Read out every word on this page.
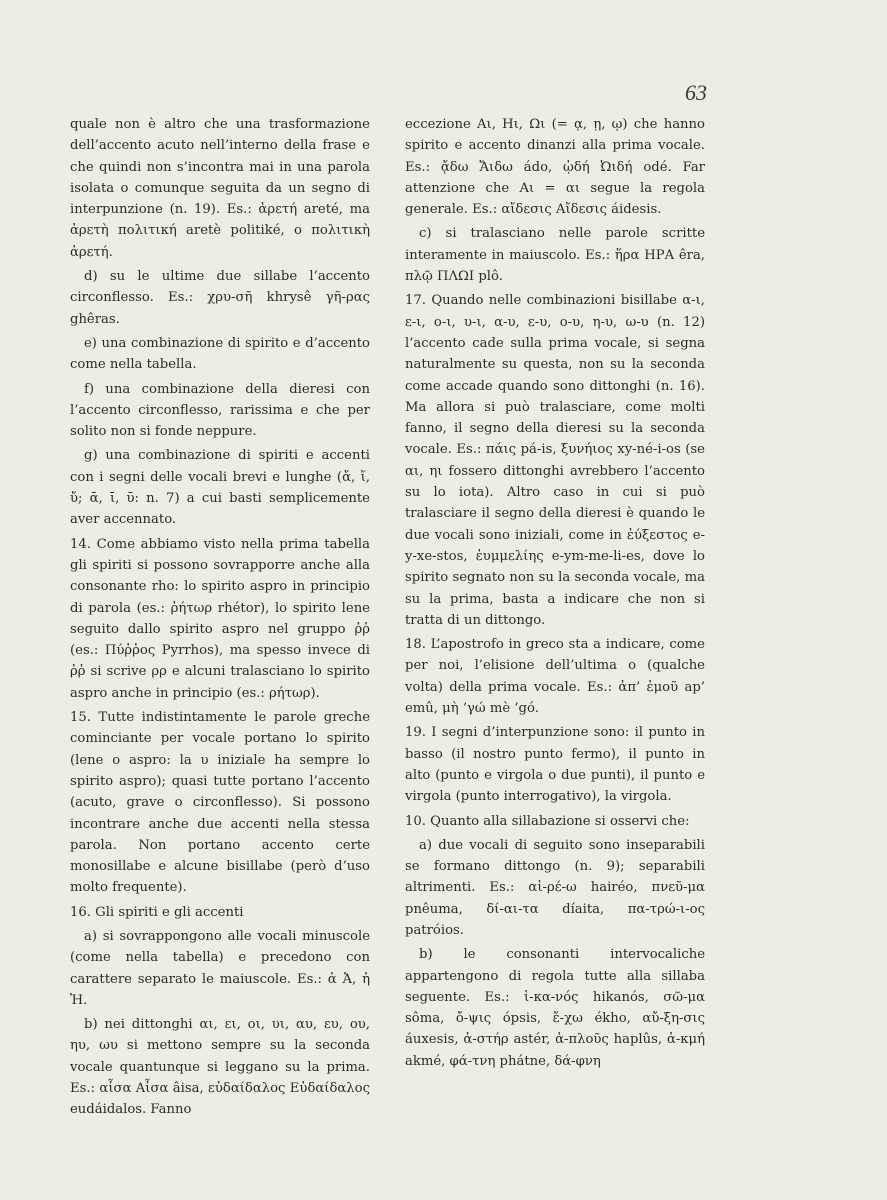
63

quale non è altro che una trasformazione dell’accento acuto nell’interno della frase e che quindi non s’incontra mai in una parola isolata o comunque seguita da un segno di interpunzione (n. 19). Es.: ἀρετή areté, ma ἀρετὴ πολιτική aretè politiké, o πολιτικὴ ἀρετή.

d) su le ultime due sillabe l’accento circonflesso. Es.: χρυ-σῆ khrysê γῆ-ρας ghêras.

e) una combinazione di spirito e d’accento come nella tabella.

f) una combinazione della dieresi con l’accento circonflesso, rarissima e che per solito non si fonde neppure.

g) una combinazione di spiriti e accenti con i segni delle vocali brevi e lunghe (ἄ, ἴ, ὔ; ᾱ, ῑ, ῡ: n. 7) a cui basti semplicemente aver accennato.

14. Come abbiamo visto nella prima tabella gli spiriti si possono sovrapporre anche alla consonante rho: lo spirito aspro in principio di parola (es.: ῥήτωρ rhétor), lo spirito lene seguito dallo spirito aspro nel gruppo ῤῥ (es.: Πύῤῥος Pyrrhos), ma spesso invece di ῤῥ si scrive ρρ e alcuni tralasciano lo spirito aspro anche in principio (es.: ρήτωρ).

15. Tutte indistintamente le parole greche cominciante per vocale portano lo spirito (lene o aspro: la υ iniziale ha sempre lo spirito aspro); quasi tutte portano l’accento (acuto, grave o circonflesso). Si possono incontrare anche due accenti nella stessa parola. Non portano accento certe monosillabe e alcune bisillabe (però d’uso molto frequente).

16. Gli spiriti e gli accenti

a) si sovrappongono alle vocali minuscole (come nella tabella) e precedono con carattere separato le maiuscole. Es.: ἀ Ἀ, ἡ Ἡ.

b) nei dittonghi αι, ει, οι, υι, αυ, ευ, ου, ηυ, ωυ si mettono sempre su la seconda vocale quantunque si leggano su la prima. Es.: αἶσα Αἶσα âisa, εὐδαίδαλος Εὐδαίδαλος eudáidalos. Fanno

eccezione Αι, Ηι, Ωι (= ᾳ, ῃ, ῳ) che hanno spirito e accento dinanzi alla prima vocale. Es.: ᾄδω Ἄιδω ádo, ᾠδή Ὠιδή odé. Far attenzione che Αι = αι segue la regola generale. Es.: αἴδεσις Αἴδεσις áidesis.

c) si tralasciano nelle parole scritte interamente in maiuscolo. Es.: ἥρα ΗΡΑ êra, πλῷ ΠΛΩΙ plô.

17. Quando nelle combinazioni bisillabe α-ι, ε-ι, ο-ι, υ-ι, α-υ, ε-υ, ο-υ, η-υ, ω-υ (n. 12) l’accento cade sulla prima vocale, si segna naturalmente su questa, non su la seconda come accade quando sono dittonghi (n. 16). Ma allora si può tralasciare, come molti fanno, il segno della dieresi su la seconda vocale. Es.: πάις pá-is, ξυνήιος xy-né-i-os (se αι, ηι fossero dittonghi avrebbero l’accento su lo iota). Altro caso in cui si può tralasciare il segno della dieresi è quando le due vocali sono iniziali, come in ἐύξεστος e-y-xe-stos, ἐυμμελίης e-ym-me-li-es, dove lo spirito segnato non su la seconda vocale, ma su la prima, basta a indicare che non si tratta di un dittongo.

18. L’apostrofo in greco sta a indicare, come per noi, l’elisione dell’ultima o (qualche volta) della prima vocale. Es.: ἀπ’ ἐμοῦ ap’ emû, μὴ ’γώ mè ’gó.

19. I segni d’interpunzione sono: il punto in basso (il nostro punto fermo), il punto in alto (punto e virgola o due punti), il punto e virgola (punto interrogativo), la virgola.

10. Quanto alla sillabazione si osservi che:

a) due vocali di seguito sono inseparabili se formano dittongo (n. 9); separabili altrimenti. Es.: αἱ-ρέ-ω hairéo, πνεῦ-μα pnêuma, δί-αι-τα díaita, πα-τρώ-ι-ος patróios.

b) le consonanti intervocaliche appartengono di regola tutte alla sillaba seguente. Es.: ἱ-κα-νός hikanós, σῶ-μα sôma, ὄ-ψις ópsis, ἔ-χω ékho, αὔ-ξη-σις áuxesis, ἀ-στήρ astér, ἁ-πλοῦς haplûs, ἀ-κμή akmé, φά-τνη phátne, δά-φνη
